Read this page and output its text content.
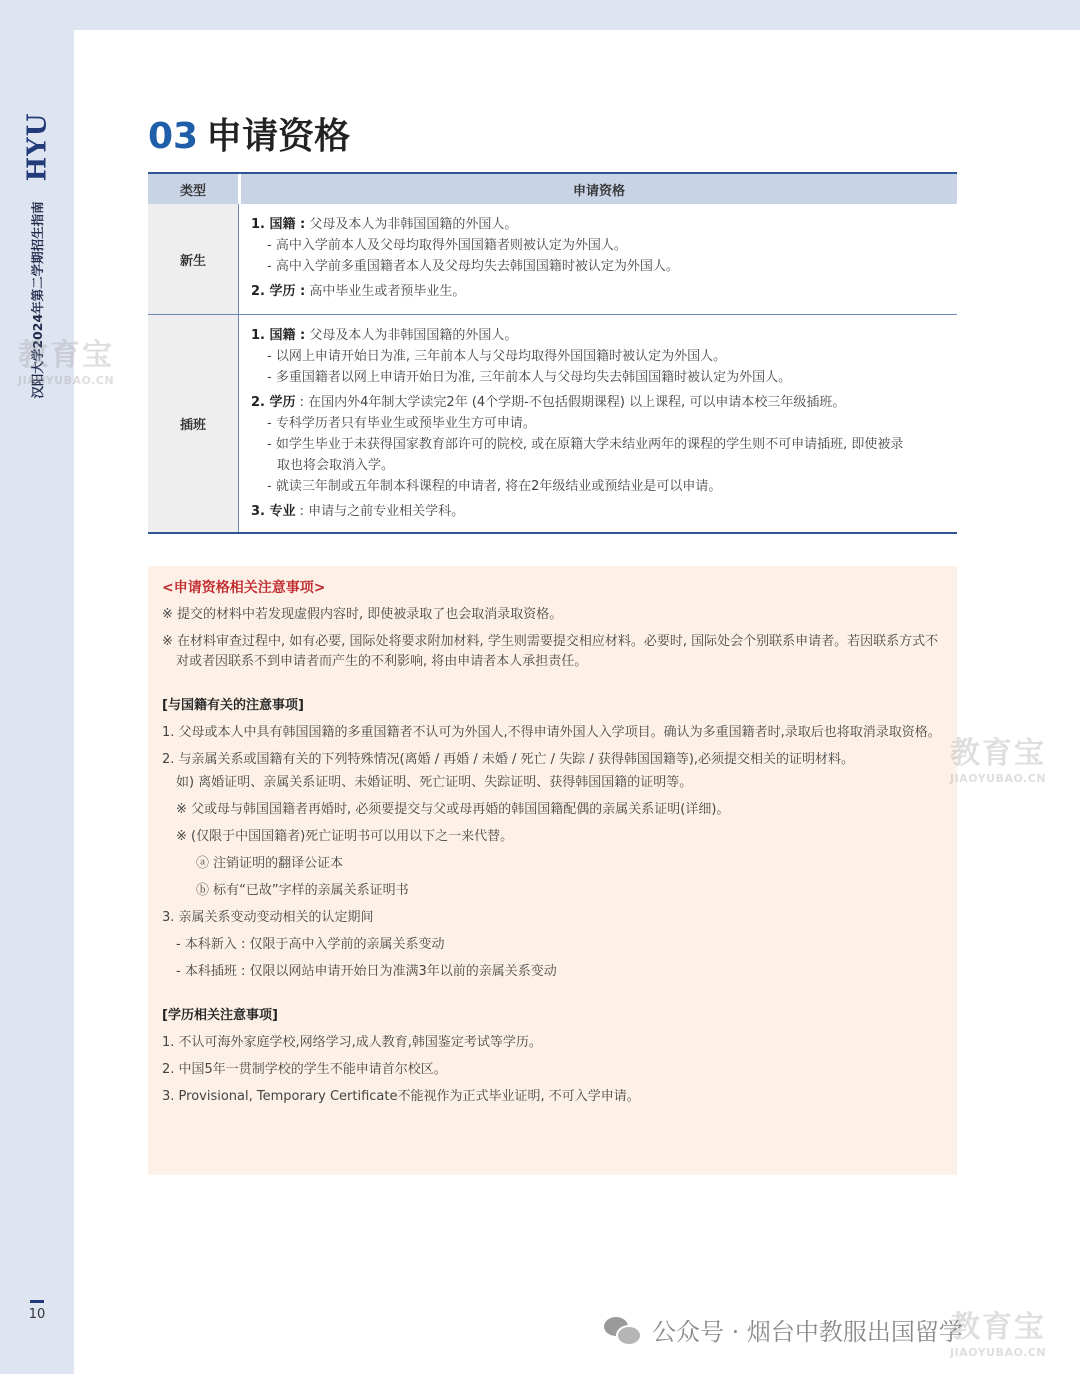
HYU
汉阳大学2024年第二学期招生指南
10
03 申请资格
类型	申请资格
新生
1. 国籍 : 父母及本人为非韩国国籍的外国人。
- 高中入学前本人及父母均取得外国国籍者则被认定为外国人。
- 高中入学前多重国籍者本人及父母均失去韩国国籍时被认定为外国人。
2. 学历 : 高中毕业生或者预毕业生。
插班
1. 国籍 : 父母及本人为非韩国国籍的外国人。
- 以网上申请开始日为准, 三年前本人与父母均取得外国国籍时被认定为外国人。
- 多重国籍者以网上申请开始日为准, 三年前本人与父母均失去韩国国籍时被认定为外国人。
2. 学历 : 在国内外4年制大学读完2年 (4个学期-不包括假期课程) 以上课程, 可以申请本校三年级插班。
- 专科学历者只有毕业生或预毕业生方可申请。
- 如学生毕业于未获得国家教育部许可的院校, 或在原籍大学未结业两年的课程的学生则不可申请插班, 即使被录
取也将会取消入学。
- 就读三年制或五年制本科课程的申请者, 将在2年级结业或预结业是可以申请。
3. 专业 : 申请与之前专业相关学科。
<申请资格相关注意事项>
※ 提交的材料中若发现虚假内容时, 即使被录取了也会取消录取资格。
※ 在材料审查过程中, 如有必要, 国际处将要求附加材料, 学生则需要提交相应材料。必要时, 国际处会个别联系申请者。若因联系方式不对或者因联系不到申请者而产生的不利影响, 将由申请者本人承担责任。
[与国籍有关的注意事项]
1. 父母或本人中具有韩国国籍的多重国籍者不认可为外国人,不得申请外国人入学项目。确认为多重国籍者时,录取后也将取消录取资格。
2. 与亲属关系或国籍有关的下列特殊情况(离婚 / 再婚 / 未婚 / 死亡 / 失踪 / 获得韩国国籍等),必须提交相关的证明材料。
如) 离婚证明、亲属关系证明、未婚证明、死亡证明、失踪证明、获得韩国国籍的证明等。
※ 父或母与韩国国籍者再婚时, 必须要提交与父或母再婚的韩国国籍配偶的亲属关系证明(详细)。
※ (仅限于中国国籍者)死亡证明书可以用以下之一来代替。
ⓐ 注销证明的翻译公证本
ⓑ 标有“已故”字样的亲属关系证明书
3. 亲属关系变动变动相关的认定期间
- 本科新入 : 仅限于高中入学前的亲属关系变动
- 本科插班 : 仅限以网站申请开始日为准满3年以前的亲属关系变动
[学历相关注意事项]
1. 不认可海外家庭学校,网络学习,成人教育,韩国鉴定考试等学历。
2. 中国5年一贯制学校的学生不能申请首尔校区。
3. Provisional, Temporary Certificate不能视作为正式毕业证明, 不可入学申请。
教育宝
JIAOYUBAO.CN
教育宝
JIAOYUBAO.CN
教育宝
JIAOYUBAO.CN
公众号 · 烟台中教服出国留学
